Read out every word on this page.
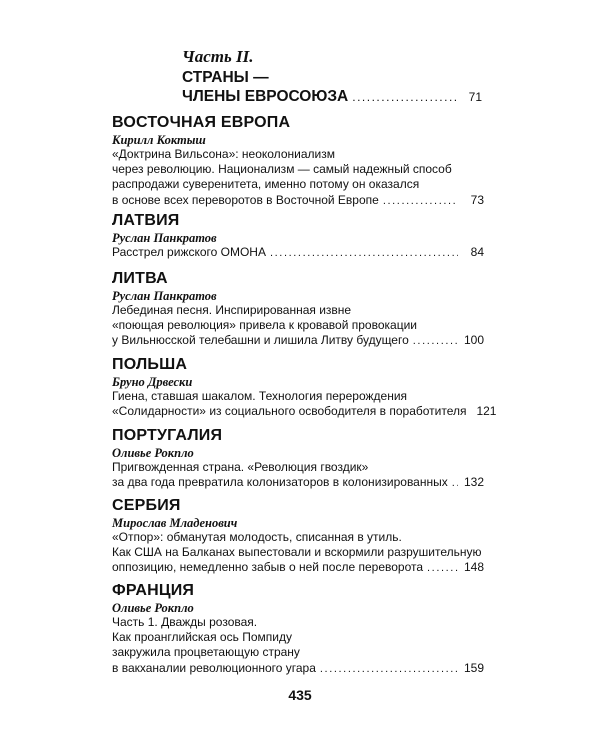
Часть II.
СТРАНЫ —
ЧЛЕНЫ ЕВРОСОЮЗА .....	71
ВОСТОЧНАЯ ЕВРОПА
Кирилл Коктыш
«Доктрина Вильсона»: неоколониализм
через революцию. Национализм — самый надежный способ
распродажи суверенитета, именно потому он оказался
в основе всех переворотов в Восточной Европе .....	73
ЛАТВИЯ
Руслан Панкратов
Расстрел рижского ОМОНА .....	84
ЛИТВА
Руслан Панкратов
Лебединая песня. Инспирированная извне
«поющая революция» привела к кровавой провокации
у Вильнюсской телебашни и лишила Литву будущего .....	100
ПОЛЬША
Бруно Дрвески
Гиена, ставшая шакалом. Технология перерождения
«Солидарности» из социального освободителя в поработителя 121
ПОРТУГАЛИЯ
Оливье Рокпло
Пригвожденная страна. «Революция гвоздик»
за два года превратила колонизаторов в колонизированных ..... 132
СЕРБИЯ
Мирослав Младенович
«Отпор»: обманутая молодость, списанная в утиль.
Как США на Балканах выпестовали и вскормили разрушительную
оппозицию, немедленно забыв о ней после переворота .....	148
ФРАНЦИЯ
Оливье Рокпло
Часть 1. Дважды розовая.
Как проанглийская ось Помпиду
закружила процветающую страну
в вакханалии революционного угара .....	159
435
